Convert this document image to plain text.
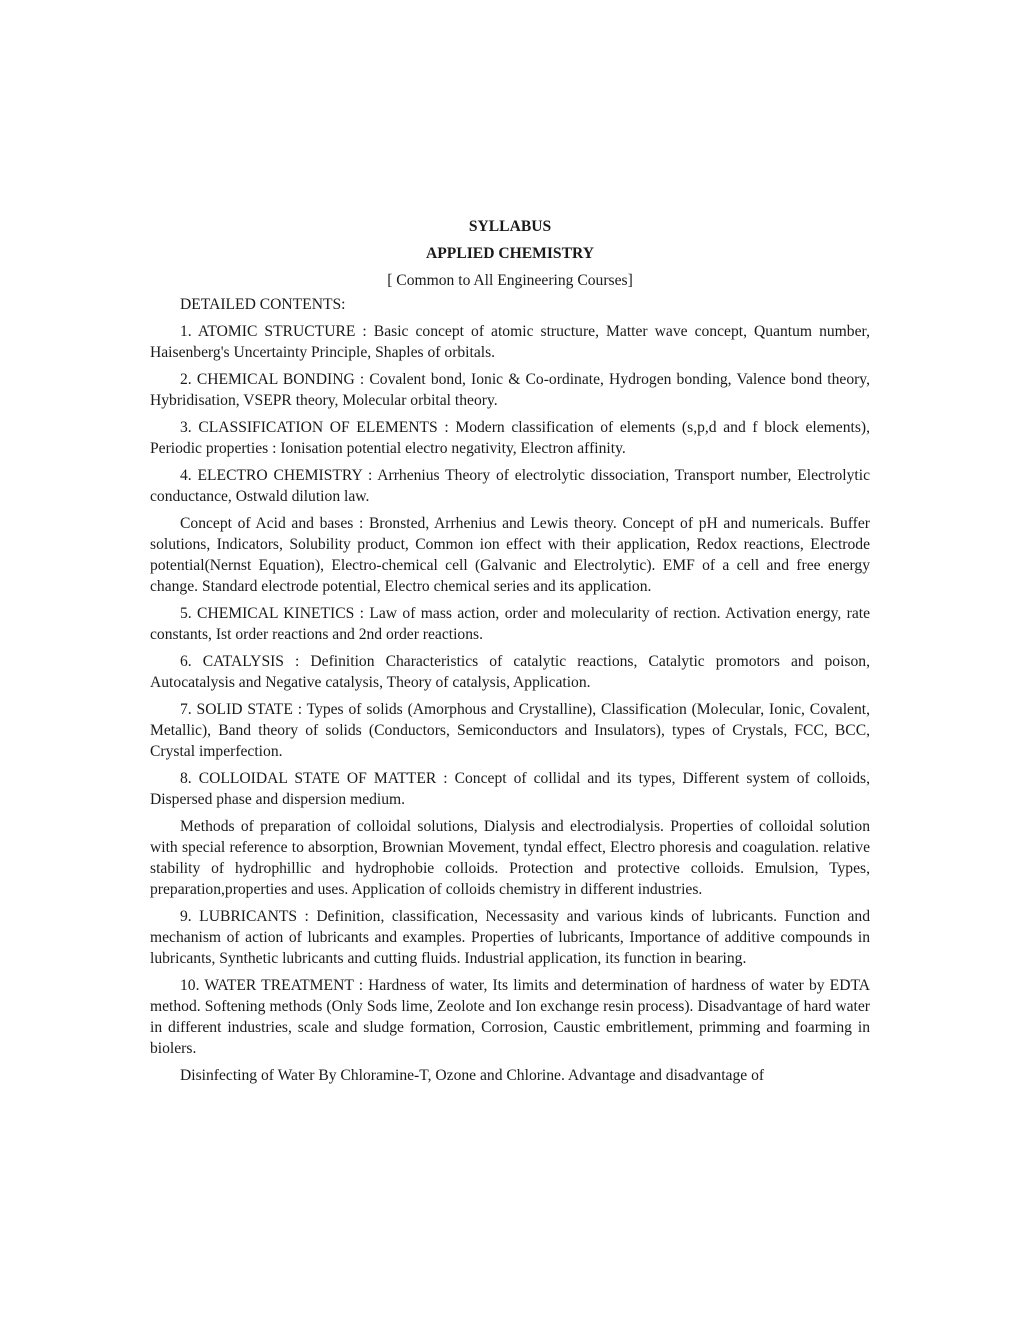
SYLLABUS

APPLIED CHEMISTRY

[ Common to All Engineering Courses]

DETAILED CONTENTS:

1. ATOMIC STRUCTURE : Basic concept of atomic structure, Matter wave concept, Quantum number, Haisenberg's Uncertainty Principle, Shaples of orbitals.

2. CHEMICAL BONDING : Covalent bond, Ionic & Co-ordinate, Hydrogen bonding, Valence bond theory, Hybridisation, VSEPR theory, Molecular orbital theory.

3. CLASSIFICATION OF ELEMENTS : Modern classification of elements (s,p,d and f block elements), Periodic properties : Ionisation potential electro negativity, Electron affinity.

4. ELECTRO CHEMISTRY : Arrhenius Theory of electrolytic dissociation, Transport number, Electrolytic conductance, Ostwald dilution law.

Concept of Acid and bases : Bronsted, Arrhenius and Lewis theory. Concept of pH and numericals. Buffer solutions, Indicators, Solubility product, Common ion effect with their application, Redox reactions, Electrode potential(Nernst Equation), Electro-chemical cell (Galvanic and Electrolytic). EMF of a cell and free energy change. Standard electrode potential, Electro chemical series and its application.

5. CHEMICAL KINETICS : Law of mass action, order and molecularity of rection. Activation energy, rate constants, Ist order reactions and 2nd order reactions.

6. CATALYSIS : Definition Characteristics of catalytic reactions, Catalytic promotors and poison, Autocatalysis and Negative catalysis, Theory of catalysis, Application.

7. SOLID STATE : Types of solids (Amorphous and Crystalline), Classification (Molecular, Ionic, Covalent, Metallic), Band theory of solids (Conductors, Semiconductors and Insulators), types of Crystals, FCC, BCC, Crystal imperfection.

8. COLLOIDAL STATE OF MATTER : Concept of collidal and its types, Different system of colloids, Dispersed phase and dispersion medium.

Methods of preparation of colloidal solutions, Dialysis and electrodialysis. Properties of colloidal solution with special reference to absorption, Brownian Movement, tyndal effect, Electro phoresis and coagulation. relative stability of hydrophillic and hydrophobie colloids. Protection and protective colloids. Emulsion, Types, preparation,properties and uses. Application of colloids chemistry in different industries.

9. LUBRICANTS : Definition, classification, Necessasity and various kinds of lubricants. Function and mechanism of action of lubricants and examples. Properties of lubricants, Importance of additive compounds in lubricants, Synthetic lubricants and cutting fluids. Industrial application, its function in bearing.

10. WATER TREATMENT : Hardness of water, Its limits and determination of hardness of water by EDTA method. Softening methods (Only Sods lime, Zeolote and Ion exchange resin process). Disadvantage of hard water in different industries, scale and sludge formation, Corrosion, Caustic embritlement, primming and foarming in biolers.

Disinfecting of Water By Chloramine-T, Ozone and Chlorine. Advantage and disadvantage of
